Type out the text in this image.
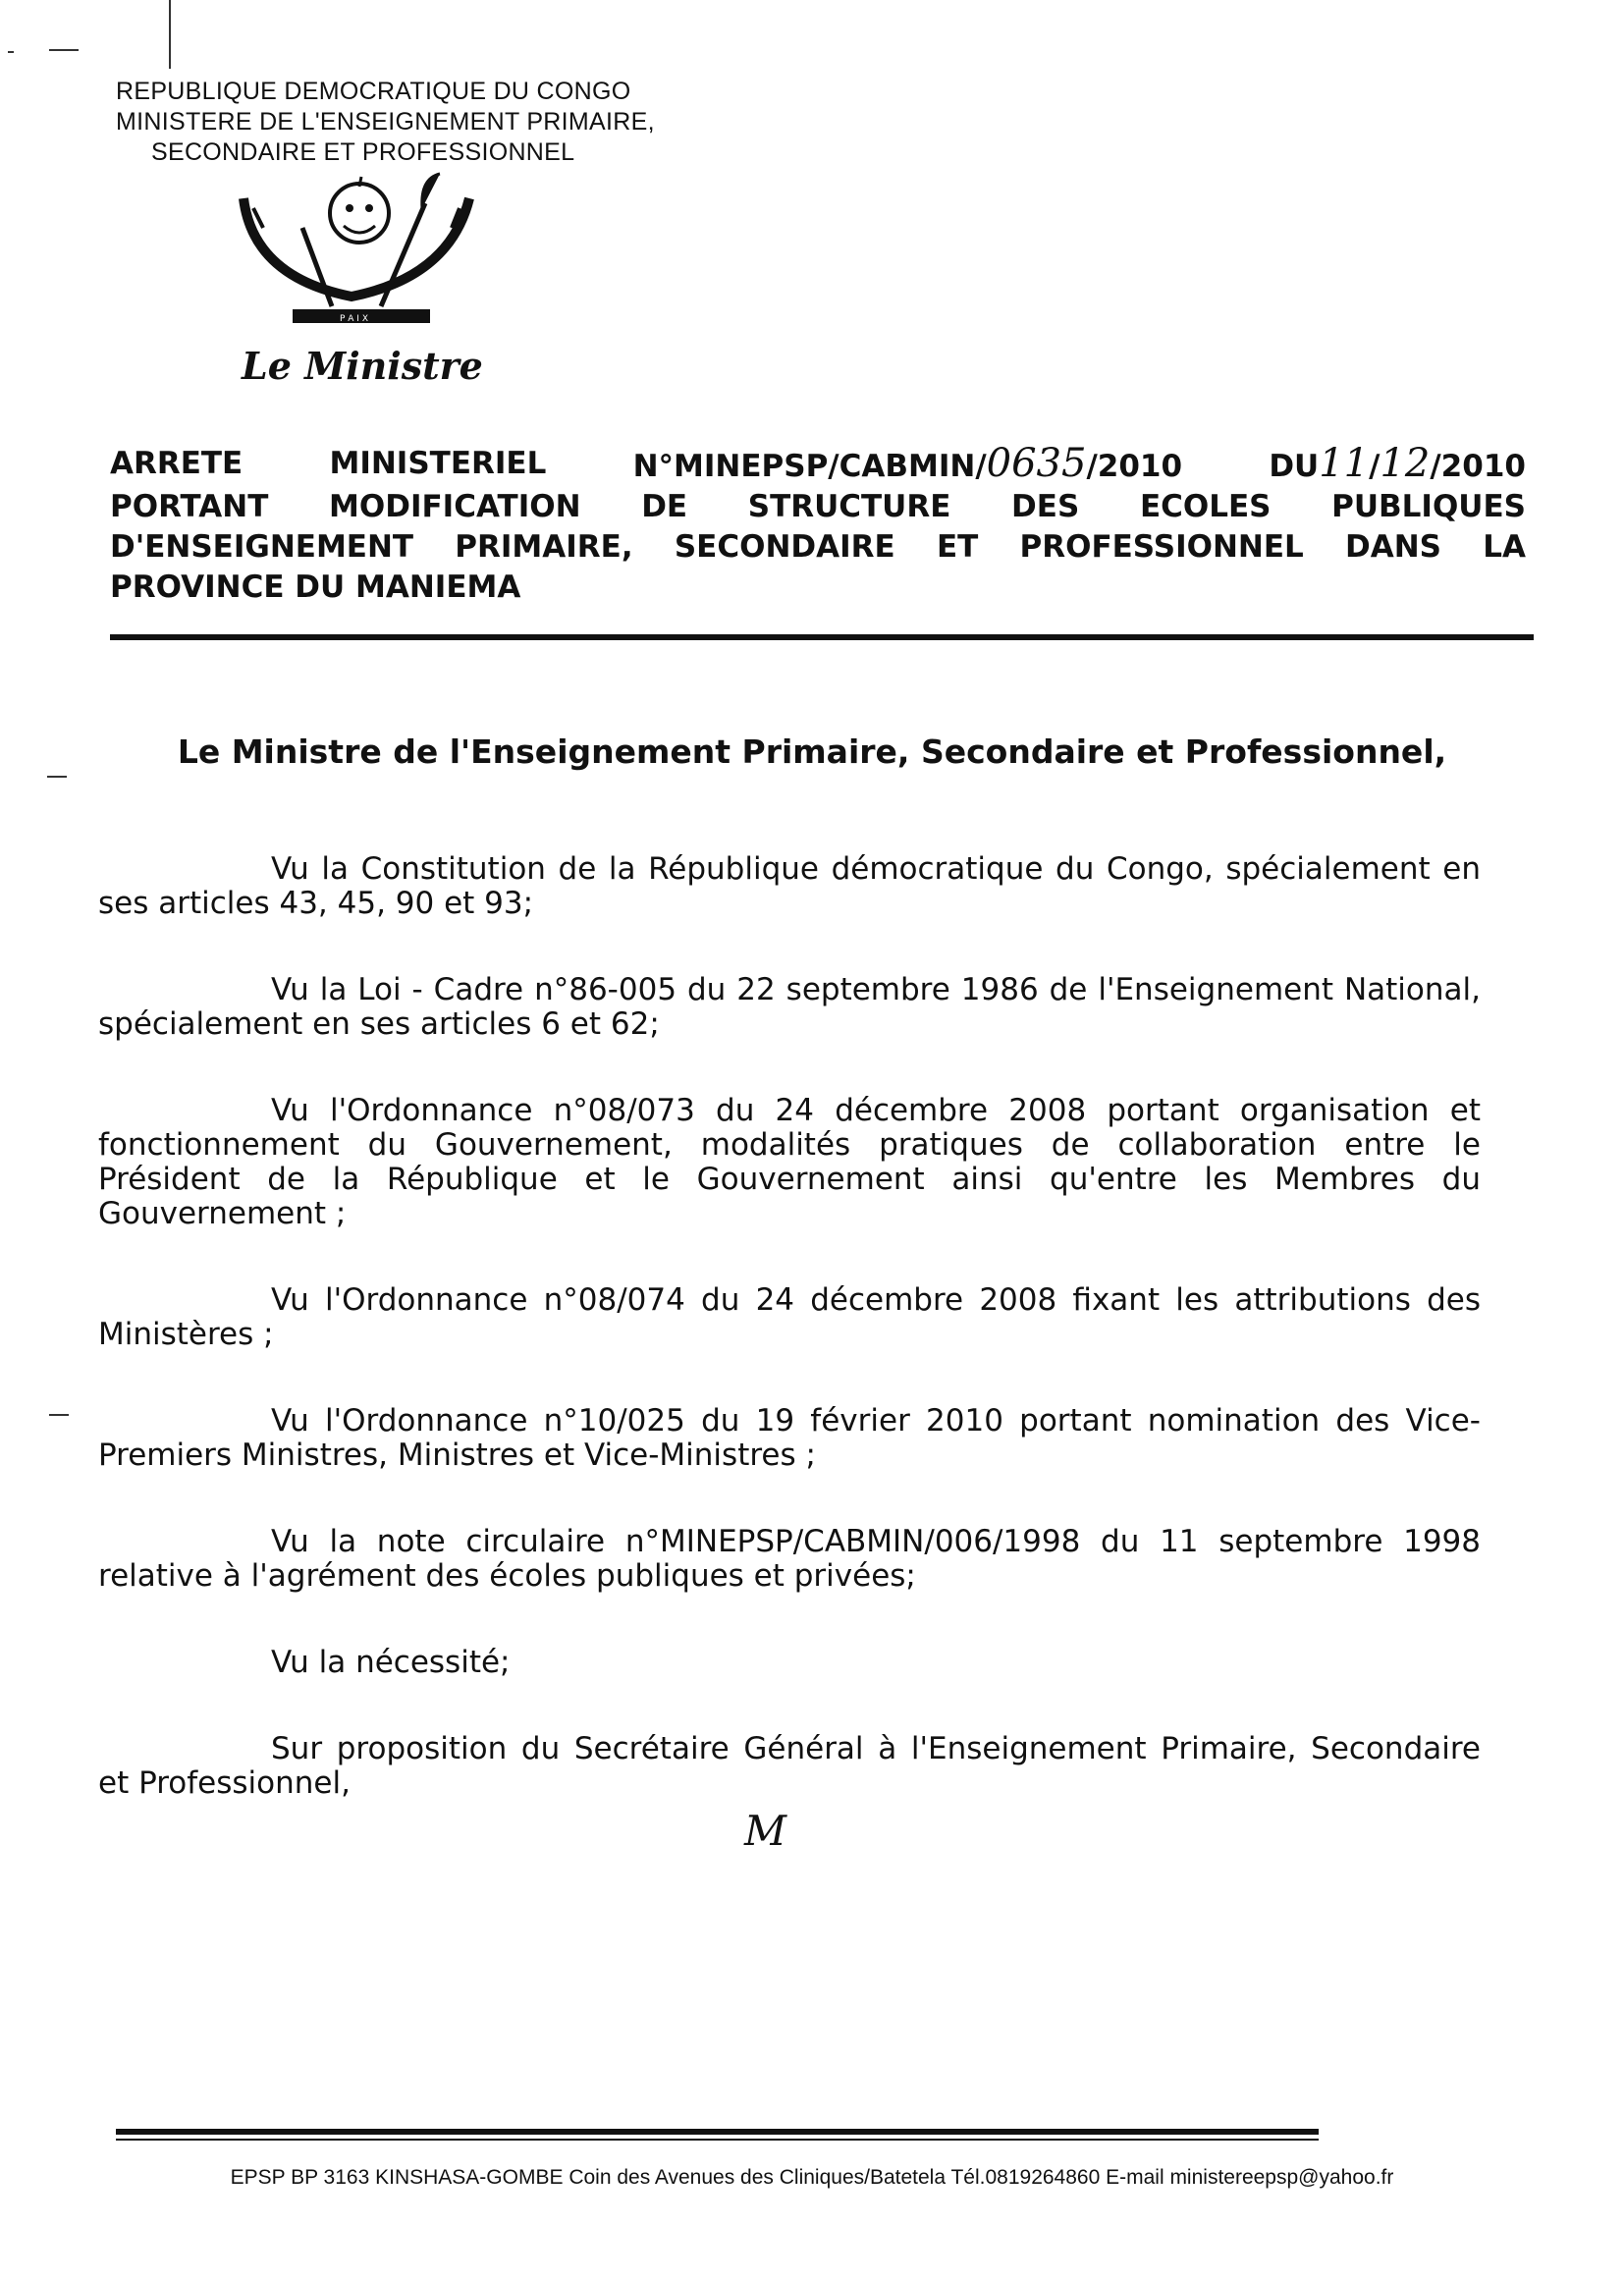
REPUBLIQUE DEMOCRATIQUE DU CONGO
MINISTERE DE L'ENSEIGNEMENT PRIMAIRE,
SECONDAIRE ET PROFESSIONNEL
P A I X
Le Ministre
ARRETE	MINISTERIEL	N°MINEPSP/CABMIN/0635/2010	DU11/12/2010
PORTANT MODIFICATION DE STRUCTURE DES ECOLES PUBLIQUES
D'ENSEIGNEMENT PRIMAIRE, SECONDAIRE ET PROFESSIONNEL DANS LA
PROVINCE DU MANIEMA
Le Ministre de l'Enseignement Primaire, Secondaire et Professionnel,

Vu la Constitution de la République démocratique du Congo, spécialement en ses articles 43, 45, 90 et 93;

Vu la Loi - Cadre n°86-005 du 22 septembre 1986 de l'Enseignement National, spécialement en ses articles 6 et 62;

Vu l'Ordonnance n°08/073 du 24 décembre 2008 portant organisation et fonctionnement du Gouvernement, modalités pratiques de collaboration entre le Président de la République et le Gouvernement ainsi qu'entre les Membres du Gouvernement ;

Vu l'Ordonnance n°08/074 du 24 décembre 2008 fixant les attributions des Ministères ;

Vu l'Ordonnance n°10/025 du 19 février 2010 portant nomination des Vice-Premiers Ministres, Ministres et Vice-Ministres ;

Vu la note circulaire n°MINEPSP/CABMIN/006/1998 du 11 septembre 1998 relative à l'agrément des écoles publiques et privées;

Vu la nécessité;

Sur proposition du Secrétaire Général à l'Enseignement Primaire, Secondaire et Professionnel,

M
EPSP BP 3163 KINSHASA-GOMBE Coin des Avenues des Cliniques/Batetela Tél.0819264860 E-mail ministereepsp@yahoo.fr
